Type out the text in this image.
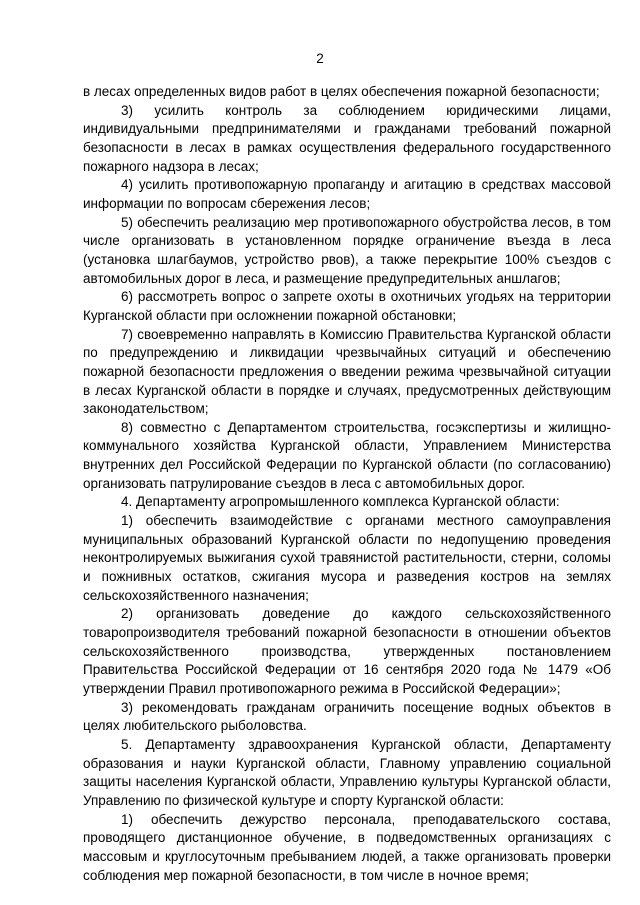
2

в лесах определенных видов работ в целях обеспечения пожарной безопасности;

3) усилить контроль за соблюдением юридическими лицами, индивидуальными предпринимателями и гражданами требований пожарной безопасности в лесах в рамках осуществления федерального государственного пожарного надзора в лесах;

4) усилить противопожарную пропаганду и агитацию в средствах массовой информации по вопросам сбережения лесов;

5) обеспечить реализацию мер противопожарного обустройства лесов, в том числе организовать в установленном порядке ограничение въезда в леса (установка шлагбаумов, устройство рвов), а также перекрытие 100% съездов с автомобильных дорог в леса, и размещение предупредительных аншлагов;

6) рассмотреть вопрос о запрете охоты в охотничьих угодьях на территории Курганской области при осложнении пожарной обстановки;

7) своевременно направлять в Комиссию Правительства Курганской области по предупреждению и ликвидации чрезвычайных ситуаций и обеспечению пожарной безопасности предложения о введении режима чрезвычайной ситуации в лесах Курганской области в порядке и случаях, предусмотренных действующим законодательством;

8) совместно с Департаментом строительства, госэкспертизы и жилищно-коммунального хозяйства Курганской области, Управлением Министерства внутренних дел Российской Федерации по Курганской области (по согласованию) организовать патрулирование съездов в леса с автомобильных дорог.

4. Департаменту агропромышленного комплекса Курганской области:

1) обеспечить взаимодействие с органами местного самоуправления муниципальных образований Курганской области по недопущению проведения неконтролируемых выжигания сухой травянистой растительности, стерни, соломы и пожнивных остатков, сжигания мусора и разведения костров на землях сельскохозяйственного назначения;

2) организовать доведение до каждого сельскохозяйственного товаропроизводителя требований пожарной безопасности в отношении объектов сельскохозяйственного производства, утвержденных постановлением Правительства Российской Федерации от 16 сентября 2020 года № 1479 «Об утверждении Правил противопожарного режима в Российской Федерации»;

3) рекомендовать гражданам ограничить посещение водных объектов в целях любительского рыболовства.

5. Департаменту здравоохранения Курганской области, Департаменту образования и науки Курганской области, Главному управлению социальной защиты населения Курганской области, Управлению культуры Курганской области, Управлению по физической культуре и спорту Курганской области:

1) обеспечить дежурство персонала, преподавательского состава, проводящего дистанционное обучение, в подведомственных организациях с массовым и круглосуточным пребыванием людей, а также организовать проверки соблюдения мер пожарной безопасности, в том числе в ночное время;
